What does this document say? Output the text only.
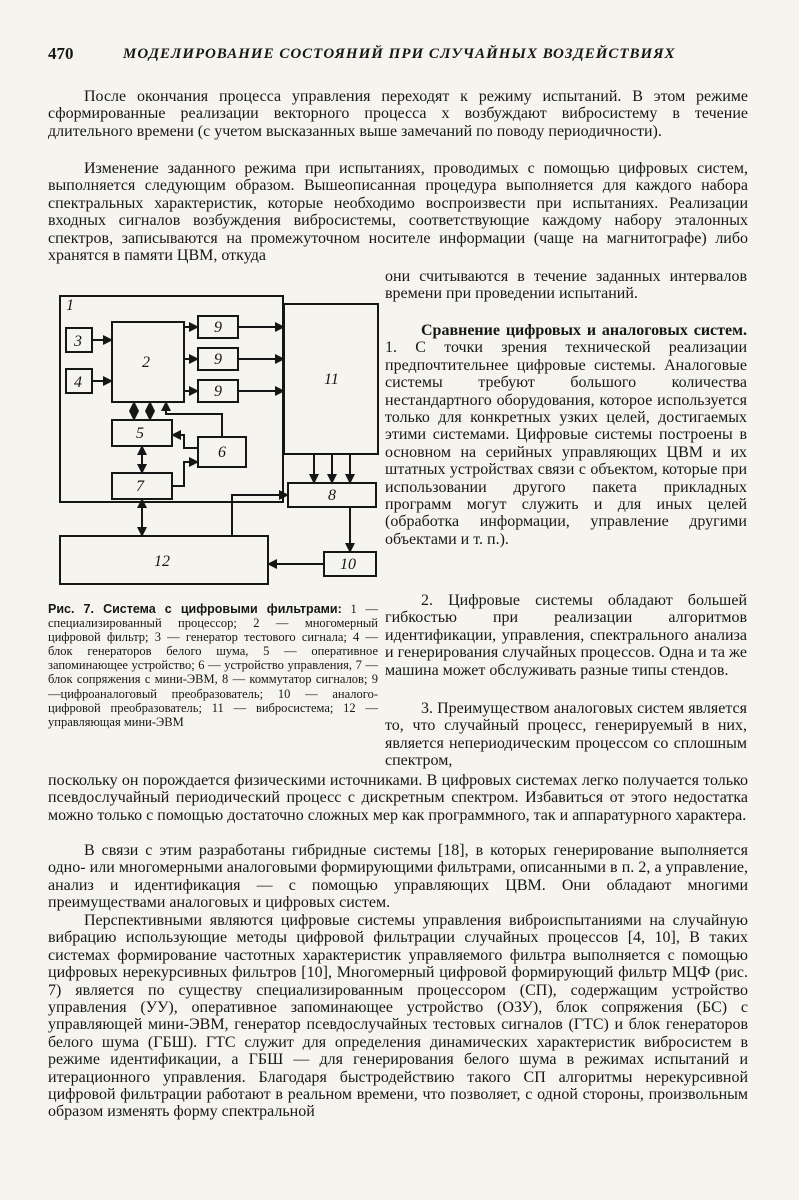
470	МОДЕЛИРОВАНИЕ СОСТОЯНИЙ ПРИ СЛУЧАЙНЫХ ВОЗДЕЙСТВИЯХ

После окончания процесса управления переходят к режиму испытаний. В этом режиме сформированные реализации векторного процесса x возбуждают вибросистему в течение длительного времени (с учетом высказанных выше замечаний по поводу периодичности).

Изменение заданного режима при испытаниях, проводимых с помощью цифровых систем, выполняется следующим образом. Вышеописанная процедура выполняется для каждого набора спектральных характеристик, которые необходимо воспроизвести при испытаниях. Реализации входных сигналов возбуждения вибросистемы, соответствующие каждому набору эталонных спектров, записываются на промежуточном носителе информации (чаще на магнитографе) либо хранятся в памяти ЦВМ, откуда

они считываются в течение заданных интервалов времени при проведении испытаний.

Сравнение цифровых и аналоговых систем. 1. С точки зрения технической реализации предпочтительнее цифровые системы. Аналоговые системы требуют большого количества нестандартного оборудования, которое используется только для конкретных узких целей, достигаемых этими системами. Цифровые системы построены в основном на серийных управляющих ЦВМ и их штатных устройствах связи с объектом, которые при использовании другого пакета прикладных программ могут служить и для иных целей (обработка информации, управление другими объектами и т. п.).

2. Цифровые системы обладают большей гибкостью при реализации алгоритмов идентификации, управления, спектрального анализа и генерирования случайных процессов. Одна и та же машина может обслуживать разные типы стендов.

3. Преимуществом аналоговых систем является то, что случайный процесс, генерируемый в них, является непериодическим процессом со сплошным спектром,

поскольку он порождается физическими источниками. В цифровых системах легко получается только псевдослучайный периодический процесс с дискретным спектром. Избавиться от этого недостатка можно только с помощью достаточно сложных мер как программного, так и аппаратурного характера.

В связи с этим разработаны гибридные системы [18], в которых генерирование выполняется одно- или многомерными аналоговыми формирующими фильтрами, описанными в п. 2, а управление, анализ и идентификация — с помощью управляющих ЦВМ. Они обладают многими преимуществами аналоговых и цифровых систем.

Перспективными являются цифровые системы управления виброиспытаниями на случайную вибрацию использующие методы цифровой фильтрации случайных процессов [4, 10], В таких системах формирование частотных характеристик управляемого фильтра выполняется с помощью цифровых нерекурсивных фильтров [10], Многомерный цифровой формирующий фильтр МЦФ (рис. 7) является по существу специализированным процессором (СП), содержащим устройство управления (УУ), оперативное запоминающее устройство (ОЗУ), блок сопряжения (БС) с управляющей мини-ЭВМ, генератор псевдослучайных тестовых сигналов (ГТС) и блок генераторов белого шума (ГБШ). ГТС служит для определения динамических характеристик вибросистем в режиме идентификации, а ГБШ — для генерирования белого шума в режимах испытаний и итерационного управления. Благодаря быстродействию такого СП алгоритмы нерекурсивной цифровой фильтрации работают в реальном времени, что позволяет, с одной стороны, произвольным образом изменять форму спектральной

1
3
4
2
9
9
9
5
6
7
11
8
12	10

Рис. 7. Система с цифровыми фильтрами: 1 — специализированный процессор; 2 — многомерный цифровой фильтр; 3 — генератор тестового сигнала; 4 — блок генераторов белого шума, 5 — оперативное запоминающее устройство; 6 — устройство управления, 7 — блок сопряжения с мини-ЭВМ, 8 — коммутатор сигналов; 9 —цифроаналоговый преобразователь; 10 — аналого-цифровой преобразователь; 11 — вибросистема; 12 —управляющая мини-ЭВМ
